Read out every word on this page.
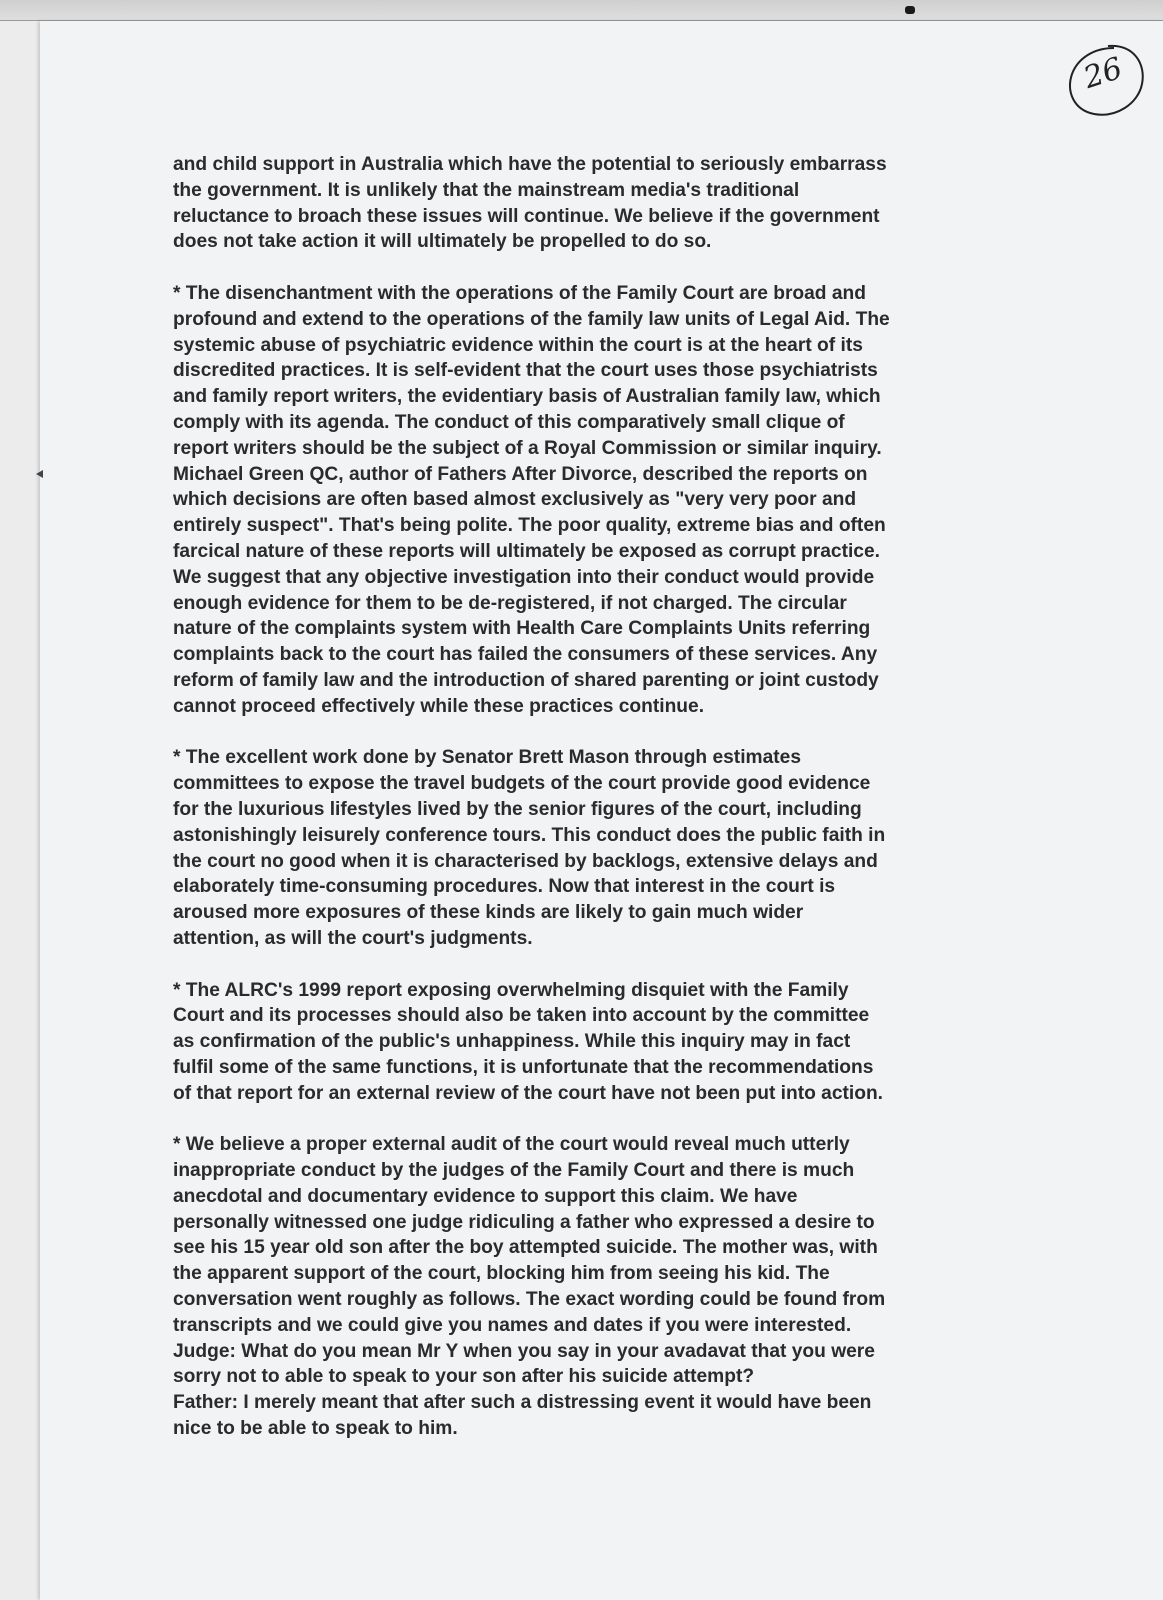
26

and child support in Australia which have the potential to seriously embarrass
the government. It is unlikely that the mainstream media's traditional
reluctance to broach these issues will continue. We believe if the government
does not take action it will ultimately be propelled to do so.

* The disenchantment with the operations of the Family Court are broad and
profound and extend to the operations of the family law units of Legal Aid. The
systemic abuse of psychiatric evidence within the court is at the heart of its
discredited practices. It is self-evident that the court uses those psychiatrists
and family report writers, the evidentiary basis of Australian family law, which
comply with its agenda. The conduct of this comparatively small clique of
report writers should be the subject of a Royal Commission or similar inquiry.
Michael Green QC, author of Fathers After Divorce, described the reports on
which decisions are often based almost exclusively as "very very poor and
entirely suspect". That's being polite. The poor quality, extreme bias and often
farcical nature of these reports will ultimately be exposed as corrupt practice.
We suggest that any objective investigation into their conduct would provide
enough evidence for them to be de-registered, if not charged. The circular
nature of the complaints system with Health Care Complaints Units referring
complaints back to the court has failed the consumers of these services. Any
reform of family law and the introduction of shared parenting or joint custody
cannot proceed effectively while these practices continue.

* The excellent work done by Senator Brett Mason through estimates
committees to expose the travel budgets of the court provide good evidence
for the luxurious lifestyles lived by the senior figures of the court, including
astonishingly leisurely conference tours. This conduct does the public faith in
the court no good when it is characterised by backlogs, extensive delays and
elaborately time-consuming procedures. Now that interest in the court is
aroused more exposures of these kinds are likely to gain much wider
attention, as will the court's judgments.

* The ALRC's 1999 report exposing overwhelming disquiet with the Family
Court and its processes should also be taken into account by the committee
as confirmation of the public's unhappiness. While this inquiry may in fact
fulfil some of the same functions, it is unfortunate that the recommendations
of that report for an external review of the court have not been put into action.

* We believe a proper external audit of the court would reveal much utterly
inappropriate conduct by the judges of the Family Court and there is much
anecdotal and documentary evidence to support this claim. We have
personally witnessed one judge ridiculing a father who expressed a desire to
see his 15 year old son after the boy attempted suicide. The mother was, with
the apparent support of the court, blocking him from seeing his kid. The
conversation went roughly as follows. The exact wording could be found from
transcripts and we could give you names and dates if you were interested.
Judge: What do you mean Mr Y when you say in your avadavat that you were
sorry not to able to speak to your son after his suicide attempt?
Father: I merely meant that after such a distressing event it would have been
nice to be able to speak to him.
